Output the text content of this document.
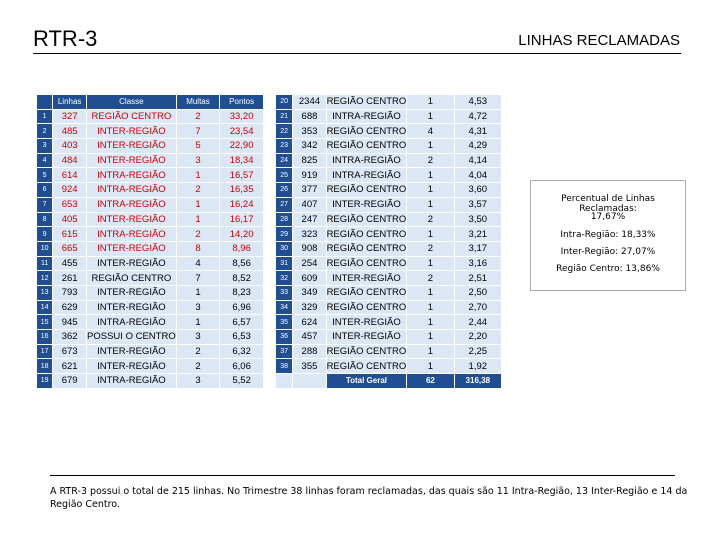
RTR-3	LINHAS RECLAMADAS
	Linhas	Classe	Multas	Pontos
1	327	REGIÃO CENTRO	2	33,20
2	485	INTER-REGIÃO	7	23,54
3	403	INTER-REGIÃO	5	22,90
4	484	INTER-REGIÃO	3	18,34
5	614	INTRA-REGIÃO	1	16,57
6	924	INTRA-REGIÃO	2	16,35
7	653	INTRA-REGIÃO	1	16,24
8	405	INTER-REGIÃO	1	16,17
9	615	INTRA-REGIÃO	2	14,20
10	665	INTER-REGIÃO	8	8,96
11	455	INTER-REGIÃO	4	8,56
12	261	REGIÃO CENTRO	7	8,52
13	793	INTER-REGIÃO	1	8,23
14	629	INTER-REGIÃO	3	6,96
15	945	INTRA-REGIÃO	1	6,57
16	362	POSSUI O CENTRO	3	6,53
17	673	INTER-REGIÃO	2	6,32
18	621	INTER-REGIÃO	2	6,06
19	679	INTRA-REGIÃO	3	5,52
20	2344	REGIÃO CENTRO	1	4,53
21	688	INTRA-REGIÃO	1	4,72
22	353	REGIÃO CENTRO	4	4,31
23	342	REGIÃO CENTRO	1	4,29
24	825	INTRA-REGIÃO	2	4,14
25	919	INTRA-REGIÃO	1	4,04
26	377	REGIÃO CENTRO	1	3,60
27	407	INTER-REGIÃO	1	3,57
28	247	REGIÃO CENTRO	2	3,50
29	323	REGIÃO CENTRO	1	3,21
30	908	REGIÃO CENTRO	2	3,17
31	254	REGIÃO CENTRO	1	3,16
32	609	INTER-REGIÃO	2	2,51
33	349	REGIÃO CENTRO	1	2,50
34	329	REGIÃO CENTRO	1	2,70
35	624	INTER-REGIÃO	1	2,44
36	457	INTER-REGIÃO	1	2,20
37	288	REGIÃO CENTRO	1	2,25
38	355	REGIÃO CENTRO	1	1,92
		Total Geral	62	316,38
Percentual de Linhas Reclamadas:
17,67%
Intra-Região: 18,33%
Inter-Região: 27,07%
Região Centro: 13,86%
A RTR-3 possui o total de 215 linhas. No Trimestre 38 linhas foram reclamadas, das quais são 11 Intra-Região, 13 Inter-Região e 14 da Região Centro.
